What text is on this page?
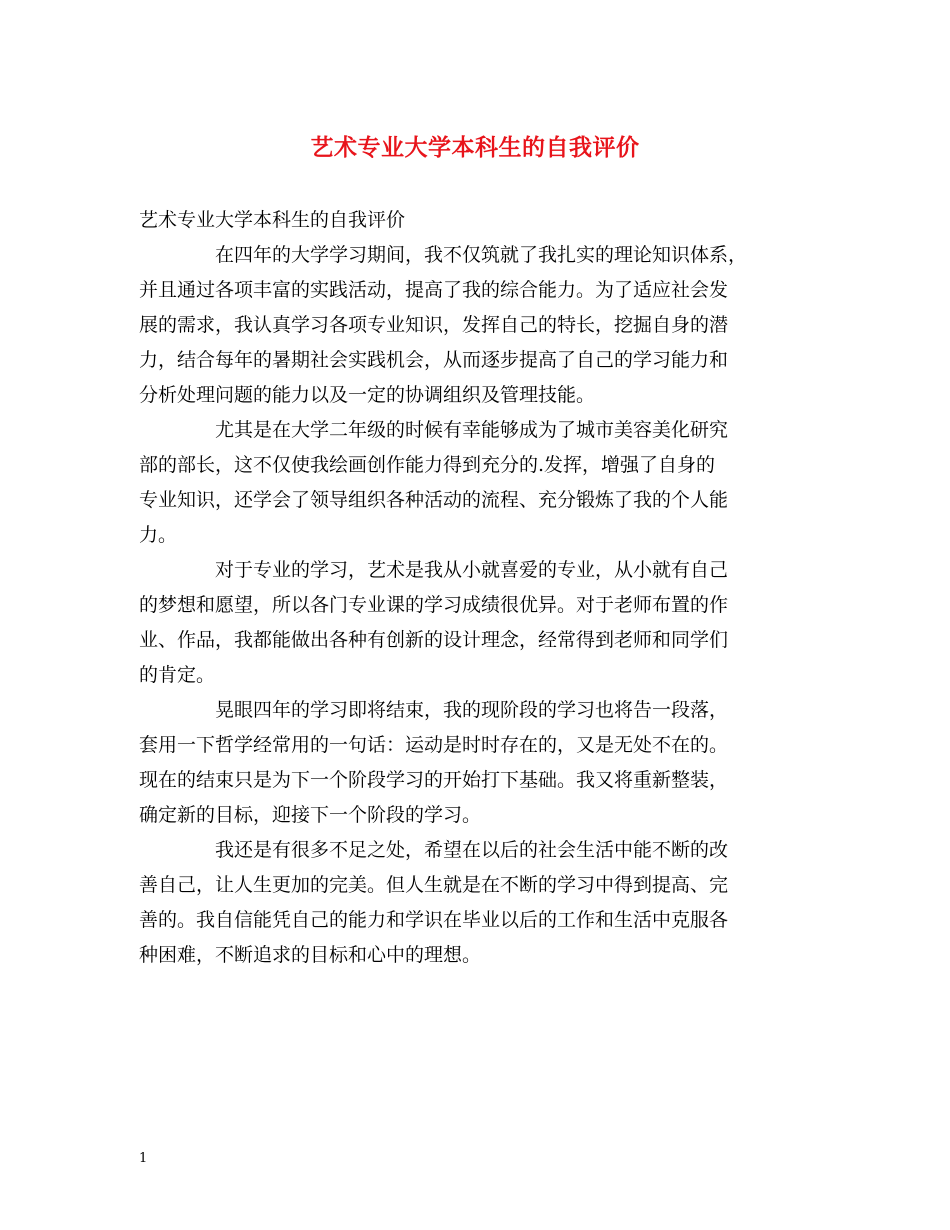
艺术专业大学本科生的自我评价

艺术专业大学本科生的自我评价

在四年的大学学习期间，我不仅筑就了我扎实的理论知识体系，
并且通过各项丰富的实践活动，提高了我的综合能力。为了适应社会发
展的需求，我认真学习各项专业知识，发挥自己的特长，挖掘自身的潜
力，结合每年的暑期社会实践机会，从而逐步提高了自己的学习能力和
分析处理问题的能力以及一定的协调组织及管理技能。

尤其是在大学二年级的时候有幸能够成为了城市美容美化研究
部的部长，这不仅使我绘画创作能力得到充分的.发挥，增强了自身的
专业知识，还学会了领导组织各种活动的流程、充分锻炼了我的个人能
力。

对于专业的学习，艺术是我从小就喜爱的专业，从小就有自己
的梦想和愿望，所以各门专业课的学习成绩很优异。对于老师布置的作
业、作品，我都能做出各种有创新的设计理念，经常得到老师和同学们
的肯定。

晃眼四年的学习即将结束，我的现阶段的学习也将告一段落，
套用一下哲学经常用的一句话：运动是时时存在的，又是无处不在的。
现在的结束只是为下一个阶段学习的开始打下基础。我又将重新整装，
确定新的目标，迎接下一个阶段的学习。

我还是有很多不足之处，希望在以后的社会生活中能不断的改
善自己，让人生更加的完美。但人生就是在不断的学习中得到提高、完
善的。我自信能凭自己的能力和学识在毕业以后的工作和生活中克服各
种困难，不断追求的目标和心中的理想。

1
